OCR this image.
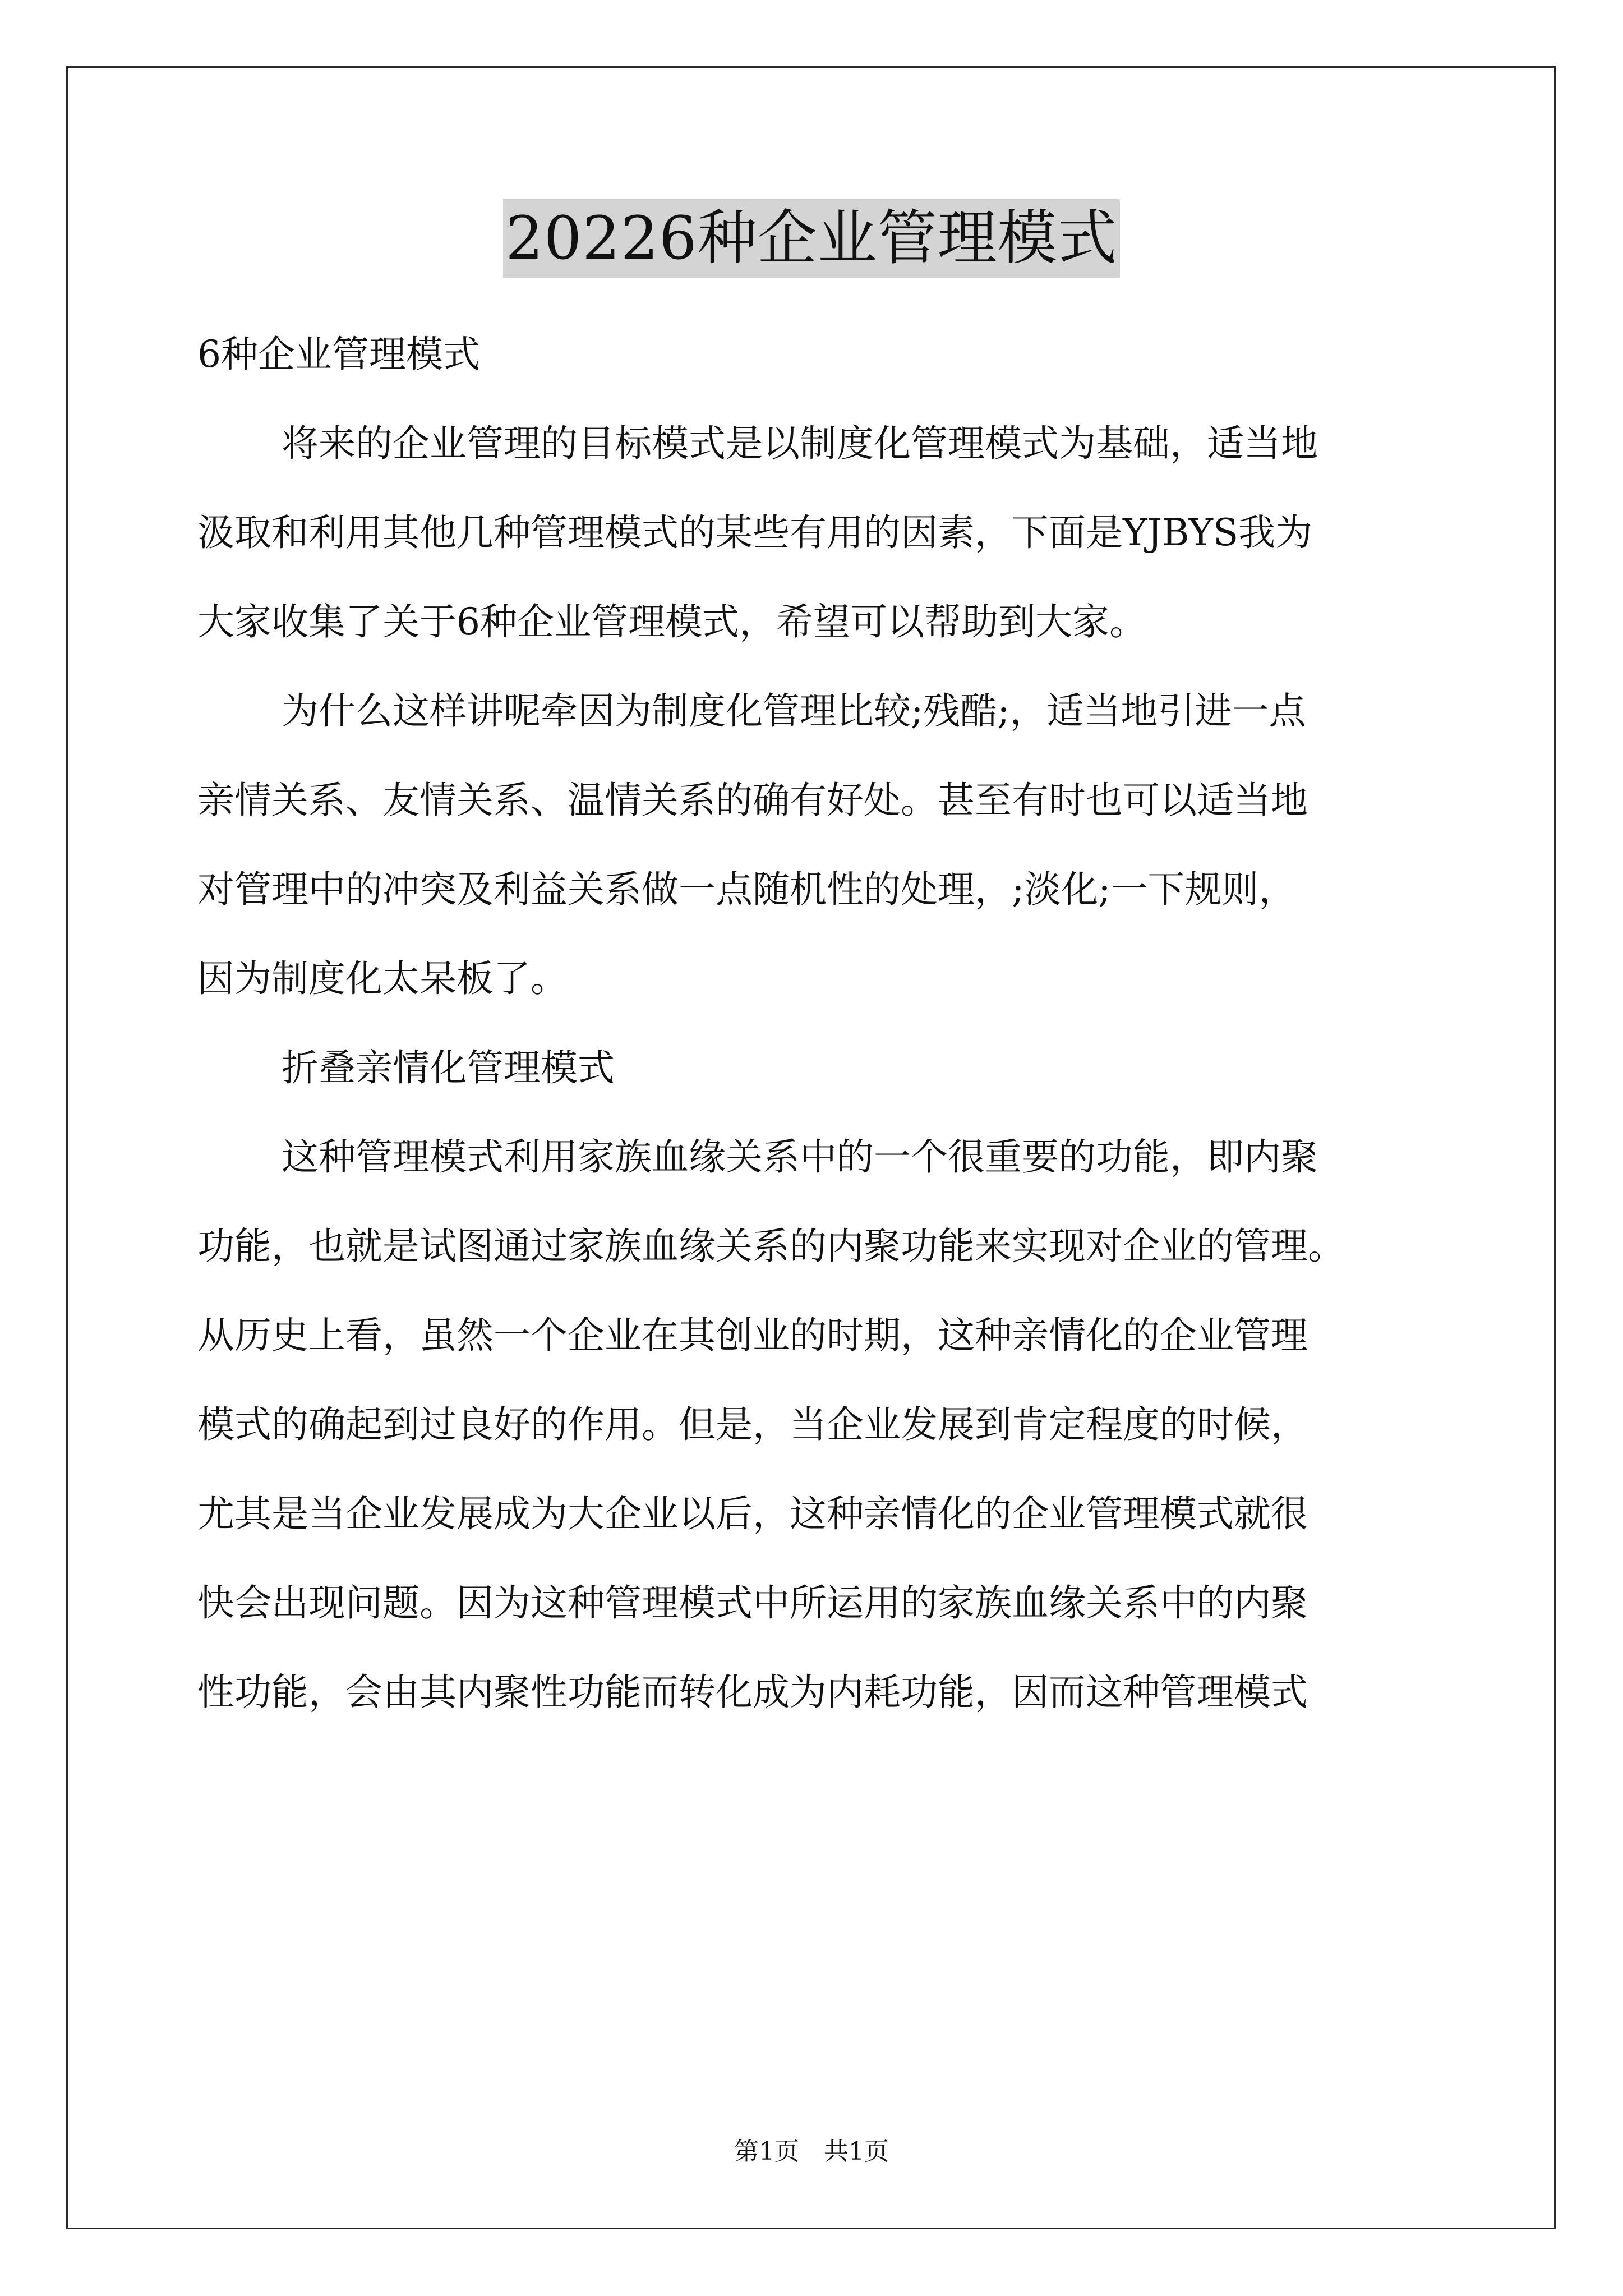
20226种企业管理模式

6种企业管理模式

将来的企业管理的目标模式是以制度化管理模式为基础，适当地

汲取和利用其他几种管理模式的某些有用的因素，下面是YJBYS我为

大家收集了关于6种企业管理模式，希望可以帮助到大家。

为什么这样讲呢牵因为制度化管理比较;残酷;，适当地引进一点

亲情关系、友情关系、温情关系的确有好处。甚至有时也可以适当地

对管理中的冲突及利益关系做一点随机性的处理，;淡化;一下规则，

因为制度化太呆板了。

折叠亲情化管理模式

这种管理模式利用家族血缘关系中的一个很重要的功能，即内聚

功能，也就是试图通过家族血缘关系的内聚功能来实现对企业的管理。

从历史上看，虽然一个企业在其创业的时期，这种亲情化的企业管理

模式的确起到过良好的作用。但是，当企业发展到肯定程度的时候，

尤其是当企业发展成为大企业以后，这种亲情化的企业管理模式就很

快会出现问题。因为这种管理模式中所运用的家族血缘关系中的内聚

性功能，会由其内聚性功能而转化成为内耗功能，因而这种管理模式

第1页　共1页
